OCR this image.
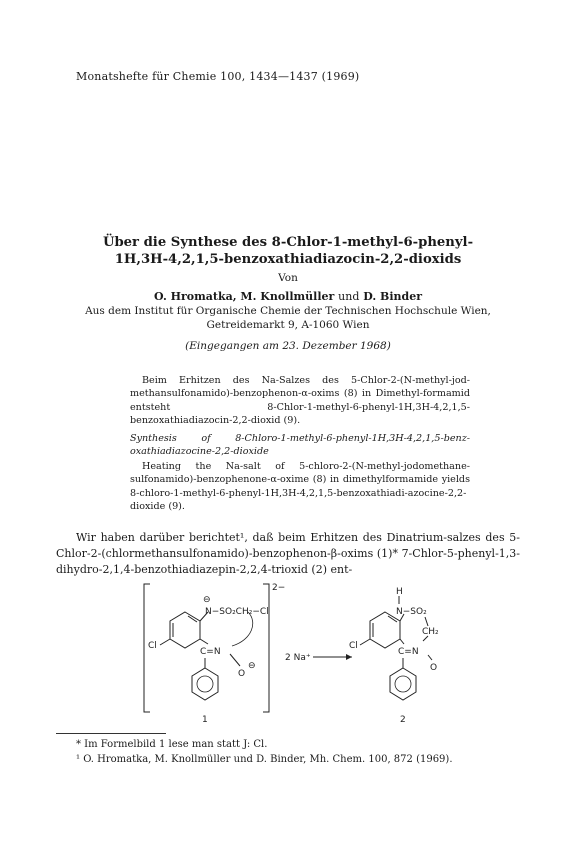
Monatshefte für Chemie 100, 1434—1437 (1969)
Über die Synthese des 8-Chlor-1-methyl-6-phenyl-
1H,3H-4,2,1,5-benzoxathiadiazocin-2,2-dioxids
Von
O. Hromatka, M. Knollmüller und D. Binder
Aus dem Institut für Organische Chemie der Technischen Hochschule Wien,
Getreidemarkt 9, A-1060 Wien
(Eingegangen am 23. Dezember 1968)

Beim Erhitzen des Na-Salzes des 5-Chlor-2-(N-methyl-jod-methansulfonamido)-benzophenon-α-oxims (8) in Dimethyl-formamid entsteht 8-Chlor-1-methyl-6-phenyl-1H,3H-4,2,1,5-benzoxathiadiazocin-2,2-dioxid (9).

Synthesis of 8-Chloro-1-methyl-6-phenyl-1H,3H-4,2,1,5-benz-oxathiadiazocine-2,2-dioxide

Heating the Na-salt of 5-chloro-2-(N-methyl-jodomethane-sulfonamido)-benzophenone-α-oxime (8) in dimethylformamide yields 8-chloro-1-methyl-6-phenyl-1H,3H-4,2,1,5-benzoxathiadi-azocine-2,2-dioxide (9).

Wir haben darüber berichtet¹, daß beim Erhitzen des Dinatrium-salzes des 5-Chlor-2-(chlormethansulfonamido)-benzophenon-β-oxims (1)* 7-Chlor-5-phenyl-1,3-dihydro-2,1,4-benzothiadiazepin-2,2,4-trioxid (2) ent-

2−
Cl
⊖
N−SO₂CH₂−Cl
C=N
O
⊖
2 Na⁺
Cl
H
N−SO₂
CH₂
C=N
O
1	2

* Im Formelbild 1 lese man statt J: Cl.

¹ O. Hromatka, M. Knollmüller und D. Binder, Mh. Chem. 100, 872 (1969).
